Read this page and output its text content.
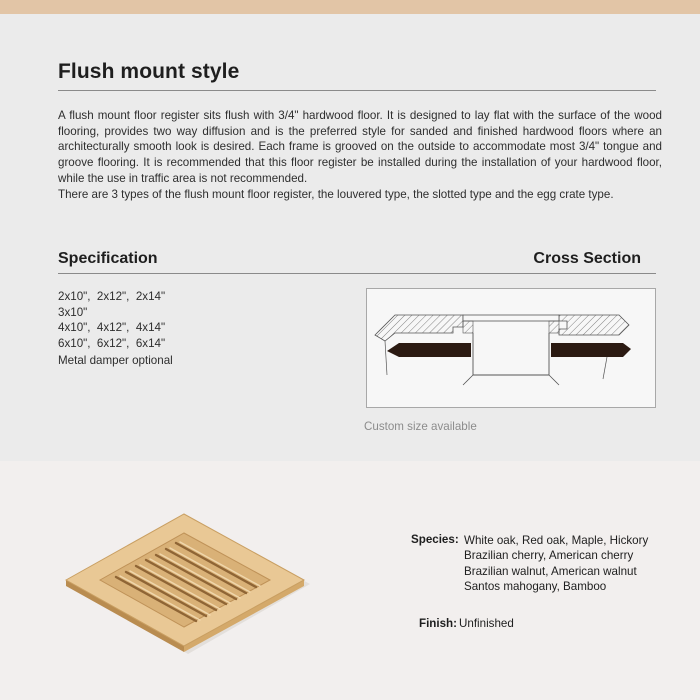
Flush mount style

A flush mount floor register sits flush with 3/4" hardwood floor. It is designed to lay flat with the surface of the wood flooring, provides two way diffusion and is the preferred style for sanded and finished hardwood floors where an architecturally smooth look is desired. Each frame is grooved on the outside to accommodate most 3/4" tongue and groove flooring. It is recommended that this floor register be installed during the installation of your hardwood floor, while the use in traffic area is not recommended.

There are 3 types of the flush mount floor register, the louvered type, the slotted type and the egg crate type.

Specification	Cross Section
2x10",  2x12",  2x14"
3x10"
4x10",  4x12",  4x14"
6x10",  6x12",  6x14"
Metal damper optional
Custom size available
Species: White oak, Red oak, Maple, Hickory
Brazilian cherry, American cherry
Brazilian walnut, American walnut
Santos mahogany, Bamboo
Finish: Unfinished
